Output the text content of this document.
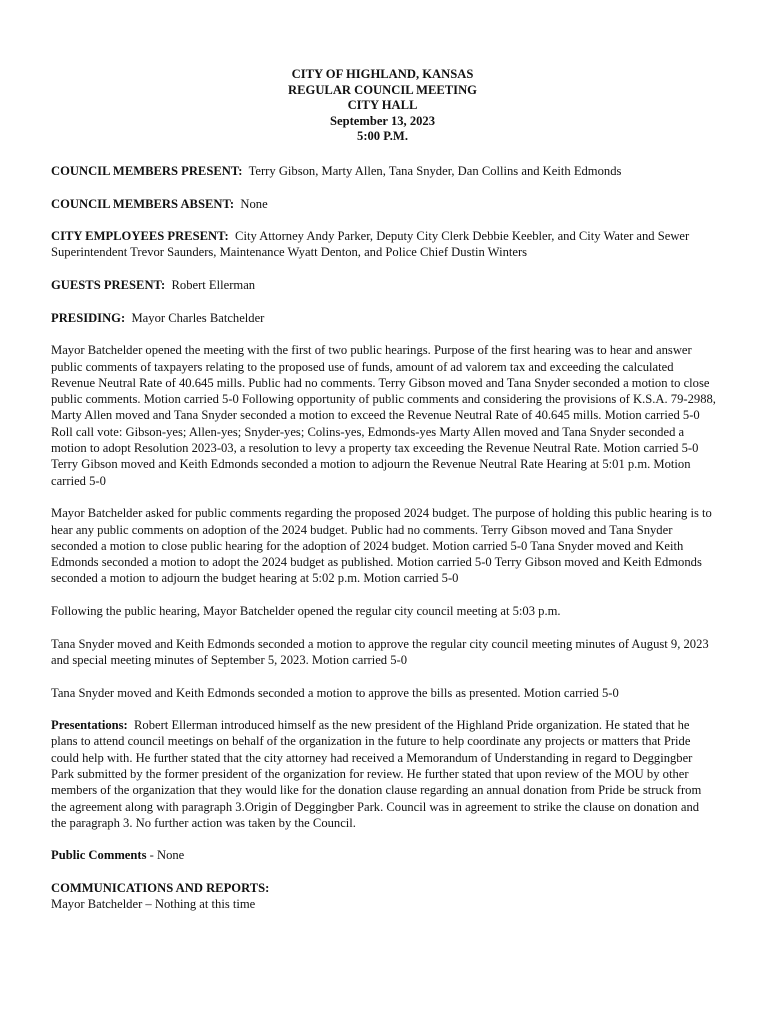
CITY OF HIGHLAND, KANSAS
REGULAR COUNCIL MEETING
CITY HALL
September 13, 2023
5:00 P.M.

COUNCIL MEMBERS PRESENT: Terry Gibson, Marty Allen, Tana Snyder, Dan Collins and Keith Edmonds

COUNCIL MEMBERS ABSENT: None

CITY EMPLOYEES PRESENT: City Attorney Andy Parker, Deputy City Clerk Debbie Keebler, and City Water and Sewer Superintendent Trevor Saunders, Maintenance Wyatt Denton, and Police Chief Dustin Winters

GUESTS PRESENT: Robert Ellerman

PRESIDING: Mayor Charles Batchelder

Mayor Batchelder opened the meeting with the first of two public hearings. Purpose of the first hearing was to hear and answer public comments of taxpayers relating to the proposed use of funds, amount of ad valorem tax and exceeding the calculated Revenue Neutral Rate of 40.645 mills. Public had no comments. Terry Gibson moved and Tana Snyder seconded a motion to close public comments. Motion carried 5-0 Following opportunity of public comments and considering the provisions of K.S.A. 79-2988, Marty Allen moved and Tana Snyder seconded a motion to exceed the Revenue Neutral Rate of 40.645 mills. Motion carried 5-0 Roll call vote: Gibson-yes; Allen-yes; Snyder-yes; Colins-yes, Edmonds-yes Marty Allen moved and Tana Snyder seconded a motion to adopt Resolution 2023-03, a resolution to levy a property tax exceeding the Revenue Neutral Rate. Motion carried 5-0 Terry Gibson moved and Keith Edmonds seconded a motion to adjourn the Revenue Neutral Rate Hearing at 5:01 p.m. Motion carried 5-0

Mayor Batchelder asked for public comments regarding the proposed 2024 budget. The purpose of holding this public hearing is to hear any public comments on adoption of the 2024 budget. Public had no comments. Terry Gibson moved and Tana Snyder seconded a motion to close public hearing for the adoption of 2024 budget. Motion carried 5-0 Tana Snyder moved and Keith Edmonds seconded a motion to adopt the 2024 budget as published. Motion carried 5-0 Terry Gibson moved and Keith Edmonds seconded a motion to adjourn the budget hearing at 5:02 p.m. Motion carried 5-0

Following the public hearing, Mayor Batchelder opened the regular city council meeting at 5:03 p.m.

Tana Snyder moved and Keith Edmonds seconded a motion to approve the regular city council meeting minutes of August 9, 2023 and special meeting minutes of September 5, 2023. Motion carried 5-0

Tana Snyder moved and Keith Edmonds seconded a motion to approve the bills as presented. Motion carried 5-0

Presentations: Robert Ellerman introduced himself as the new president of the Highland Pride organization. He stated that he plans to attend council meetings on behalf of the organization in the future to help coordinate any projects or matters that Pride could help with. He further stated that the city attorney had received a Memorandum of Understanding in regard to Deggingber Park submitted by the former president of the organization for review. He further stated that upon review of the MOU by other members of the organization that they would like for the donation clause regarding an annual donation from Pride be struck from the agreement along with paragraph 3.Origin of Deggingber Park. Council was in agreement to strike the clause on donation and the paragraph 3. No further action was taken by the Council.

Public Comments - None

COMMUNICATIONS AND REPORTS:
Mayor Batchelder – Nothing at this time
